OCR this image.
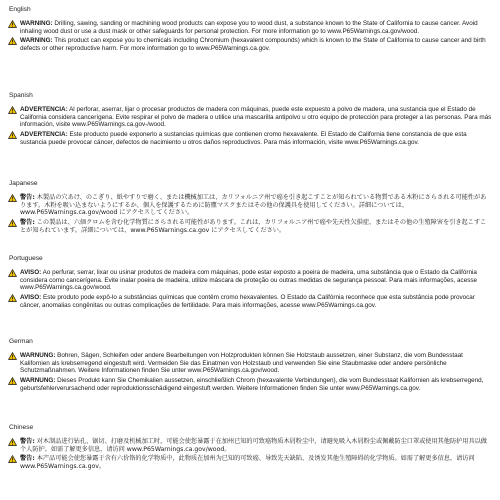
English
WARNING: Drilling, sawing, sanding or machining wood products can expose you to wood dust, a substance known to the State of California to cause cancer. Avoid inhaling wood dust or use a dust mask or other safeguards for personal protection. For more information go to www.P65Warnings.ca.gov/wood.
WARNING: This product can expose you to chemicals including Chromium (hexavalent compounds) which is known to the State of California to cause cancer and birth defects or other reproductive harm. For more information go to www.P65Warnings.ca.gov.
Spanish
ADVERTENCIA: Al perforar, aserrar, lijar o procesar productos de madera con máquinas, puede este expuesto a polvo de madera, una sustancia que el Estado de California considera cancerígena. Evite respirar el polvo de madera o utilice una mascarilla antipolvo u otro equipo de protección para proteger a las personas. Para más información, visite www.P65Warnings.ca.gov-/wood.
ADVERTENCIA: Este producto puede exponerlo a sustancias químicas que contienen cromo hexavalente. El Estado de California tiene constancia de que esta sustancia puede provocar cáncer, defectos de nacimiento u otros daños reproductivos. Para más información, visite www.P65Warnings.ca.gov.
Japanese
警告: 木製品の穴あけ、のこぎり、紙やすりで磨く、または機械加工は、カリフォルニア州で癌を引き起こすことが知られている物質である木粉にさらされる可能性があります。木粉を吸い込まないようにするか、個人を保護するために防塵マスクまたはその他の保護具を使用してください。詳細については、www.P65Warnings.ca.gov/wood にアクセスしてください。
警告: この製品は、六価クロムを含む化学物質にさらされる可能性があります。これは、カリフォルニア州で癌や先天性欠損症、またはその他の生殖障害を引き起こすことが知られています。詳細については、www.P65Warnings.ca.gov にアクセスしてください。
Portuguese
AVISO: Ao perfurar, serrar, lixar ou usinar produtos de madeira com máquinas, pode estar exposto a poeira de madeira, uma substância que o Estado da Califórnia considera como cancerígena. Evite inalar poeira de madeira, utilize máscara de proteção ou outras medidas de segurança pessoal. Para mais informações, acesse www.P65Warnings.ca.gov/wood.
AVISO: Este produto pode expô-lo a substâncias químicas que contêm cromo hexavalentes. O Estado da Califórnia reconhece que esta substância pode provocar câncer, anomalias congênitas ou outras complicações de fertilidade. Para mais informações, acesse www.P65Warnings.ca.gov.
German
WARNUNG: Bohren, Sägen, Schleifen oder andere Bearbeitungen von Holzprodukten können Sie Holzstaub aussetzen, einer Substanz, die vom Bundesstaat Kalifornien als krebserregend eingestuft wird. Vermeiden Sie das Einatmen von Holzstaub und verwenden Sie eine Staubmaske oder andere persönliche Schutzmaßnahmen. Weitere Informationen finden Sie unter www.P65Warnings.ca.gov/wood.
WARNUNG: Dieses Produkt kann Sie Chemikalien aussetzen, einschließlich Chrom (hexavalente Verbindungen), die vom Bundesstaat Kalifornien als krebserregend, geburtsfehlerverursachend oder reproduktionsschädigend eingestuft werden. Weitere Informationen finden Sie unter www.P65Warnings.ca.gov.
Chinese
警告: 对木制品进行钻孔、锯切、打磨及机械加工时，可能会使您暴露于在加州已知的可致癌物质木屑粉尘中，请避免吸入木屑粉尘或佩戴防尘口罩或使用其他防护用具以做个人防护。如需了解更多信息，请访问 www.P65Warnings.ca.gov/wood。
警告: 本产品可能会使您暴露于含有六价铬的化学物质中，此物质在加州为已知的可致癌、导致先天缺陷、及诱发其他生殖障碍的化学物质。如需了解更多信息，请访问 www.P65Warnings.ca.gov。
